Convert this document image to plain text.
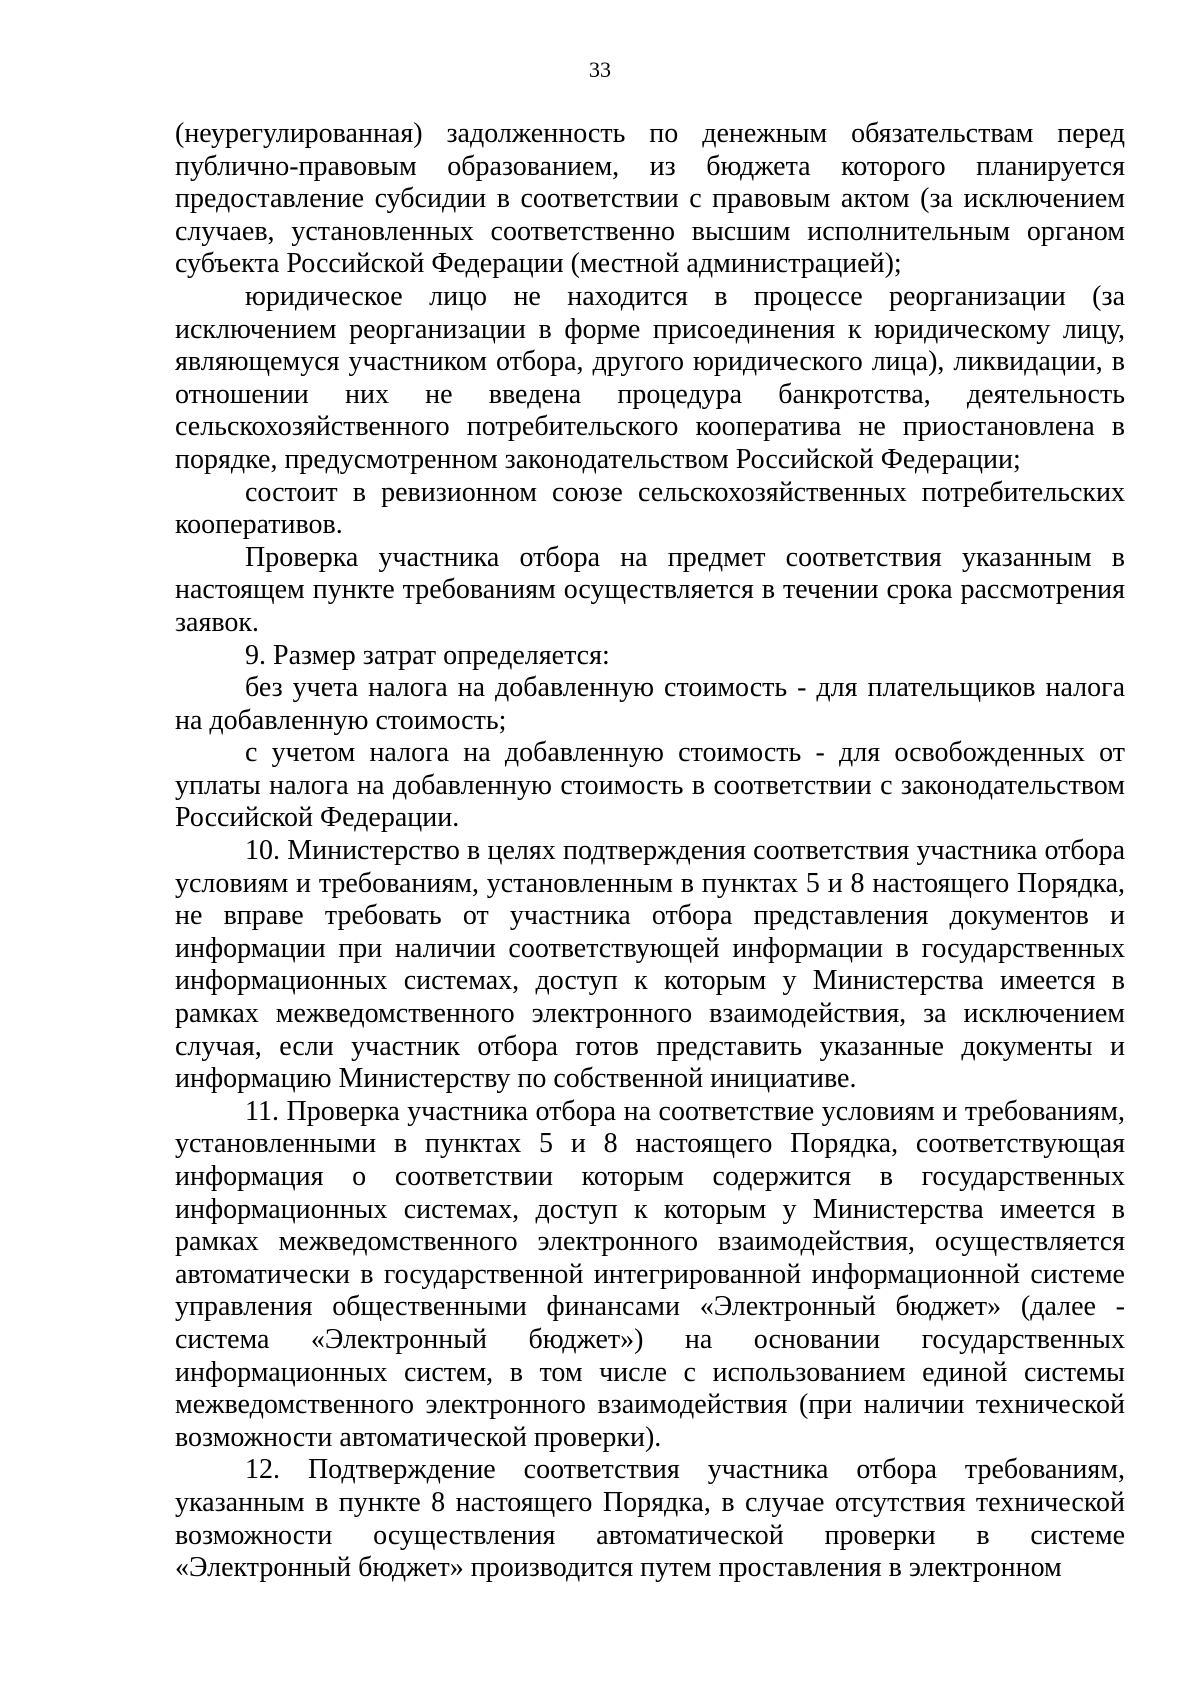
33

(неурегулированная) задолженность по денежным обязательствам перед публично-правовым образованием, из бюджета которого планируется предоставление субсидии в соответствии с правовым актом (за исключением случаев, установленных соответственно высшим исполнительным органом субъекта Российской Федерации (местной администрацией);

юридическое лицо не находится в процессе реорганизации (за исключением реорганизации в форме присоединения к юридическому лицу, являющемуся участником отбора, другого юридического лица), ликвидации, в отношении них не введена процедура банкротства, деятельность сельскохозяйственного потребительского кооператива не приостановлена в порядке, предусмотренном законодательством Российской Федерации;

состоит в ревизионном союзе сельскохозяйственных потребительских кооперативов.

Проверка участника отбора на предмет соответствия указанным в настоящем пункте требованиям осуществляется в течении срока рассмотрения заявок.

9. Размер затрат определяется:

без учета налога на добавленную стоимость - для плательщиков налога на добавленную стоимость;

с учетом налога на добавленную стоимость - для освобожденных от уплаты налога на добавленную стоимость в соответствии с законодательством Российской Федерации.

10. Министерство в целях подтверждения соответствия участника отбора условиям и требованиям, установленным в пунктах 5 и 8 настоящего Порядка, не вправе требовать от участника отбора представления документов и информации при наличии соответствующей информации в государственных информационных системах, доступ к которым у Министерства имеется в рамках межведомственного электронного взаимодействия, за исключением случая, если участник отбора готов представить указанные документы и информацию Министерству по собственной инициативе.

11. Проверка участника отбора на соответствие условиям и требованиям, установленными в пунктах 5 и 8 настоящего Порядка, соответствующая информация о соответствии которым содержится в государственных информационных системах, доступ к которым у Министерства имеется в рамках межведомственного электронного взаимодействия, осуществляется автоматически в государственной интегрированной информационной системе управления общественными финансами «Электронный бюджет» (далее - система «Электронный бюджет») на основании государственных информационных систем, в том числе с использованием единой системы межведомственного электронного взаимодействия (при наличии технической возможности автоматической проверки).

12. Подтверждение соответствия участника отбора требованиям, указанным в пункте 8 настоящего Порядка, в случае отсутствия технической возможности осуществления автоматической проверки в системе «Электронный бюджет» производится путем проставления в электронном
